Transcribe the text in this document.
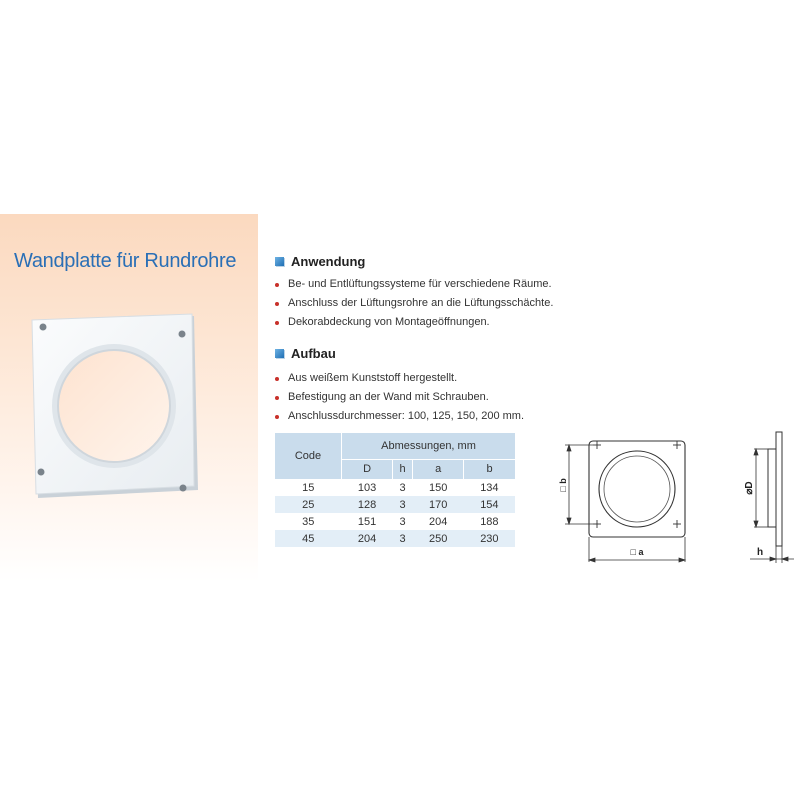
Wandplatte für Rundrohre	Anwendung
Be- und Entlüftungssysteme für verschiedene Räume.
Anschluss der Lüftungsrohre an die Lüftungsschächte.
Dekorabdeckung von Montageöffnungen.
Aufbau
Aus weißem Kunststoff hergestellt.
Befestigung an der Wand mit Schrauben.
Anschlussdurchmesser: 100, 125, 150, 200 mm.
Code	Abmessungen, mm			
	D	h	a	b
15	103	3	150	134
25	128	3	170	154
35	151	3	204	188
45	204	3	250	230
□ b
□ a
⌀D
h
